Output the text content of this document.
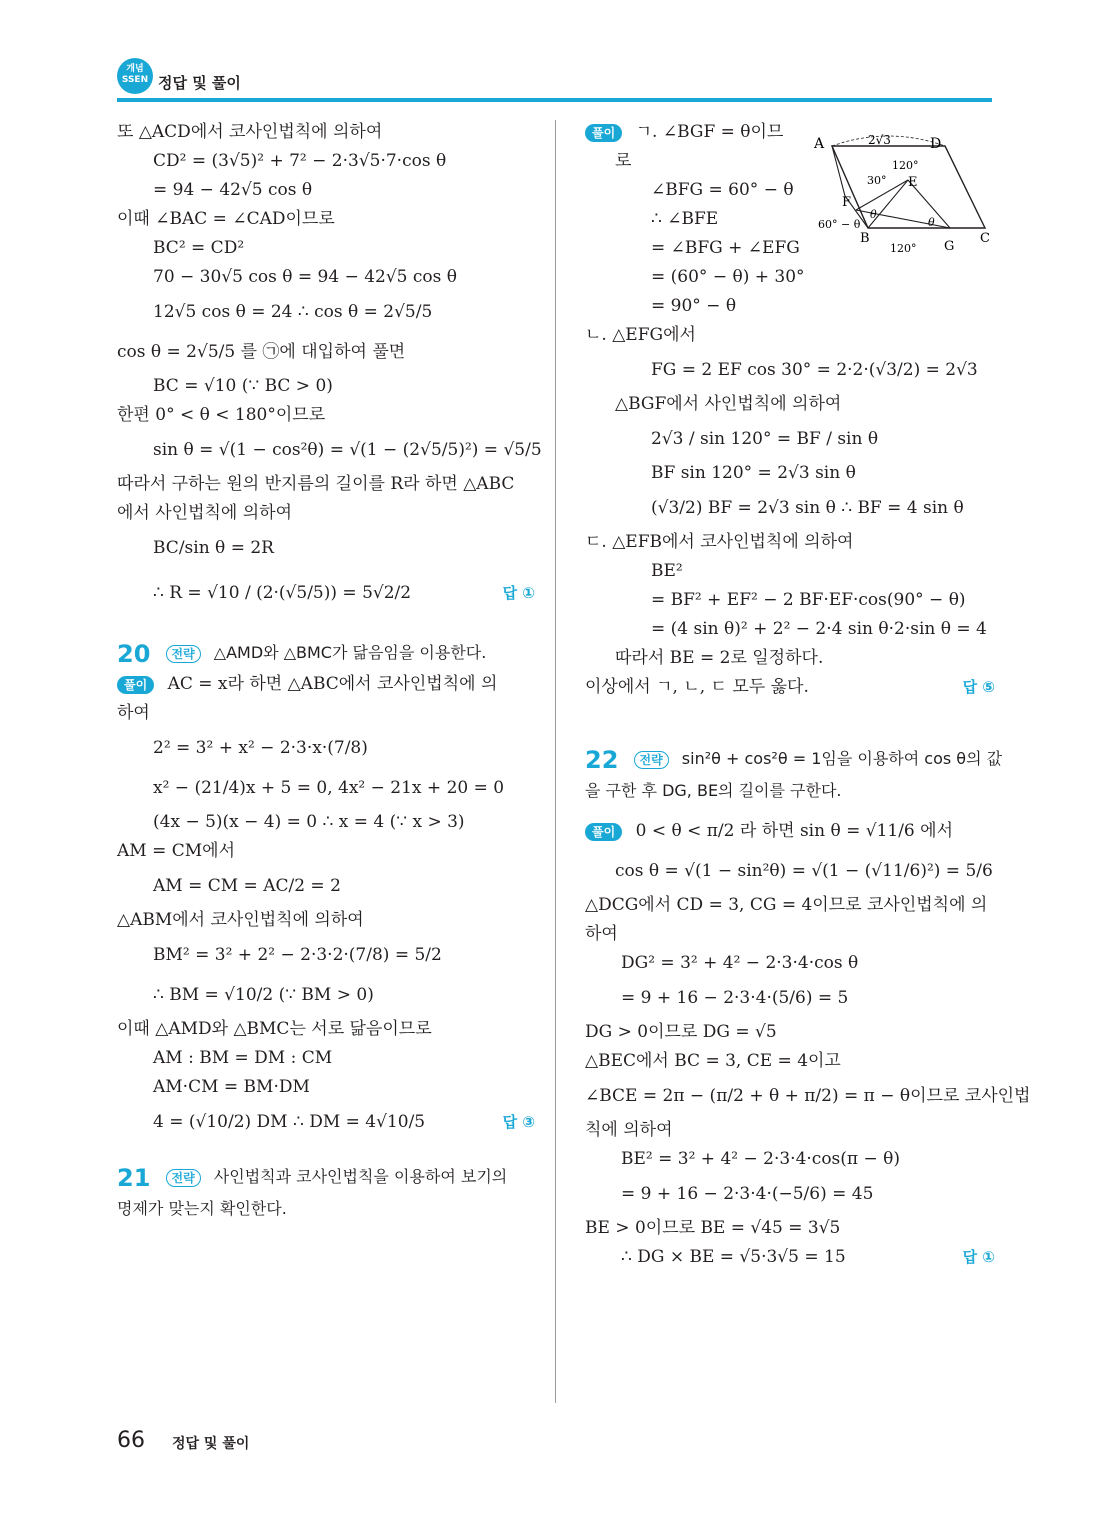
개념
SSEN 정답 및 풀이
또 △ACD에서 코사인법칙에 의하여
CD² = (3√5)² + 7² − 2·3√5·7·cos θ
= 94 − 42√5 cos θ
이때 ∠BAC = ∠CAD이므로
BC² = CD²
70 − 30√5 cos θ = 94 − 42√5 cos θ
12√5 cos θ = 24 ∴ cos θ = 2√5/5
cos θ = 2√5/5 를 ㉠에 대입하여 풀면
BC = √10 (∵ BC > 0)
한편 0° < θ < 180°이므로
sin θ = √(1 − cos²θ) = √(1 − (2√5/5)²) = √5/5
따라서 구하는 원의 반지름의 길이를 R라 하면 △ABC
에서 사인법칙에 의하여
BC/sin θ = 2R
∴ R = √10 / (2·(√5/5)) = 5√2/2	답 ①
20 전략 △AMD와 △BMC가 닮음임을 이용한다.
풀이 AC = x라 하면 △ABC에서 코사인법칙에 의
하여
2² = 3² + x² − 2·3·x·(7/8)
x² − (21/4)x + 5 = 0, 4x² − 21x + 20 = 0
(4x − 5)(x − 4) = 0 ∴ x = 4 (∵ x > 3)
AM = CM에서
AM = CM = AC/2 = 2
△ABM에서 코사인법칙에 의하여
BM² = 3² + 2² − 2·3·2·(7/8) = 5/2
∴ BM = √10/2 (∵ BM > 0)
이때 △AMD와 △BMC는 서로 닮음이므로
AM : BM = DM : CM
AM·CM = BM·DM
4 = (√10/2) DM ∴ DM = 4√10/5	답 ③
21 전략 사인법칙과 코사인법칙을 이용하여 보기의
명제가 맞는지 확인한다.
풀이 ㄱ. ∠BGF = θ이므
로
∠BFG = 60° − θ
∴ ∠BFE
= ∠BFG + ∠EFG
= (60° − θ) + 30°
= 90° − θ
ㄴ. △EFG에서
FG = 2 EF cos 30° = 2·2·(√3/2) = 2√3
△BGF에서 사인법칙에 의하여
2√3 / sin 120° = BF / sin θ
BF sin 120° = 2√3 sin θ
(√3/2) BF = 2√3 sin θ ∴ BF = 4 sin θ
ㄷ. △EFB에서 코사인법칙에 의하여
BE²
= BF² + EF² − 2 BF·EF·cos(90° − θ)
= (4 sin θ)² + 2² − 2·4 sin θ·2·sin θ = 4
따라서 BE = 2로 일정하다.
이상에서 ㄱ, ㄴ, ㄷ 모두 옳다.	답 ⑤
22 전략 sin²θ + cos²θ = 1임을 이용하여 cos θ의 값
을 구한 후 DG, BE의 길이를 구한다.
풀이 0 < θ < π/2 라 하면 sin θ = √11/6 에서
cos θ = √(1 − sin²θ) = √(1 − (√11/6)²) = 5/6
△DCG에서 CD = 3, CG = 4이므로 코사인법칙에 의
하여
DG² = 3² + 4² − 2·3·4·cos θ
= 9 + 16 − 2·3·4·(5/6) = 5
DG > 0이므로 DG = √5
△BEC에서 BC = 3, CE = 4이고
∠BCE = 2π − (π/2 + θ + π/2) = π − θ이므로 코사인법
칙에 의하여
BE² = 3² + 4² − 2·3·4·cos(π − θ)
= 9 + 16 − 2·3·4·(−5/6) = 45
BE > 0이므로 BE = √45 = 3√5
∴ DG × BE = √5·3√5 = 15	답 ①
2√3
A	D
120°
30° E
F
60° − θ
B
G
C
120°
θ
θ
66 정답 및 풀이
